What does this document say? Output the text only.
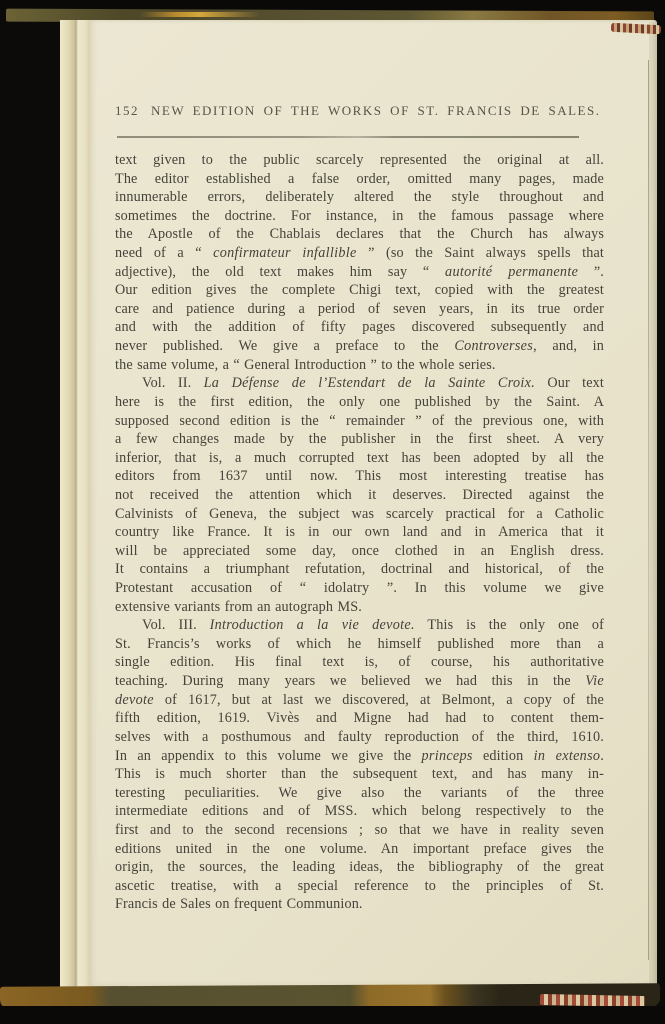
152 NEW EDITION OF THE WORKS OF ST. FRANCIS DE SALES.
text given to the public scarcely represented the original at all.
The editor established a false order, omitted many pages, made
innumerable errors, deliberately altered the style throughout and
sometimes the doctrine. For instance, in the famous passage where
the Apostle of the Chablais declares that the Church has always
need of a “ confirmateur infallible ” (so the Saint always spells that
adjective), the old text makes him say “ autorité permanente ”.
Our edition gives the complete Chigi text, copied with the greatest
care and patience during a period of seven years, in its true order
and with the addition of fifty pages discovered subsequently and
never published. We give a preface to the Controverses, and, in
the same volume, a “ General Introduction ” to the whole series.
Vol. II. La Défense de l’Estendart de la Sainte Croix. Our text
here is the first edition, the only one published by the Saint. A
supposed second edition is the “ remainder ” of the previous one, with
a few changes made by the publisher in the first sheet. A very
inferior, that is, a much corrupted text has been adopted by all the
editors from 1637 until now. This most interesting treatise has
not received the attention which it deserves. Directed against the
Calvinists of Geneva, the subject was scarcely practical for a Catholic
country like France. It is in our own land and in America that it
will be appreciated some day, once clothed in an English dress.
It contains a triumphant refutation, doctrinal and historical, of the
Protestant accusation of “ idolatry ”. In this volume we give
extensive variants from an autograph MS.
Vol. III. Introduction a la vie devote. This is the only one of
St. Francis’s works of which he himself published more than a
single edition. His final text is, of course, his authoritative
teaching. During many years we believed we had this in the Vie
devote of 1617, but at last we discovered, at Belmont, a copy of the
fifth edition, 1619. Vivès and Migne had had to content them-
selves with a posthumous and faulty reproduction of the third, 1610.
In an appendix to this volume we give the princeps edition in extenso.
This is much shorter than the subsequent text, and has many in-
teresting peculiarities. We give also the variants of the three
intermediate editions and of MSS. which belong respectively to the
first and to the second recensions ; so that we have in reality seven
editions united in the one volume. An important preface gives the
origin, the sources, the leading ideas, the bibliography of the great
ascetic treatise, with a special reference to the principles of St.
Francis de Sales on frequent Communion.
